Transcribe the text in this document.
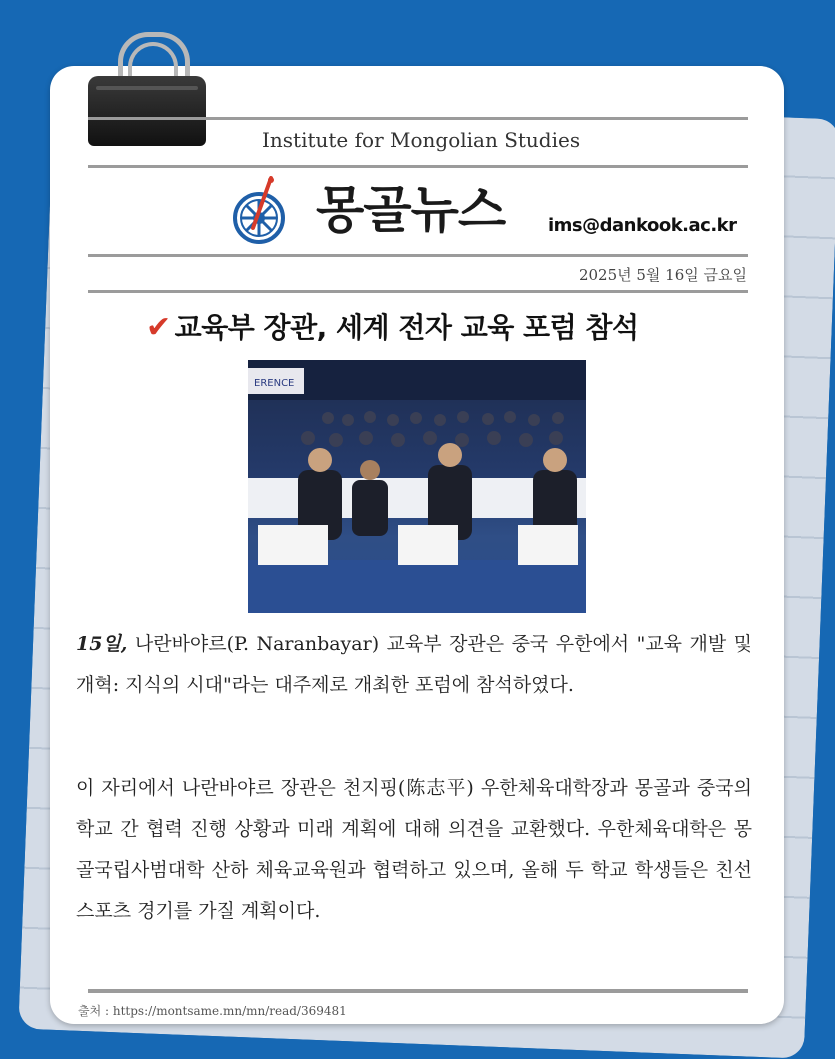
Institute for Mongolian Studies
몽골뉴스 ims@dankook.ac.kr
2025년 5월 16일 금요일
✔ 교육부 장관, 세계 전자 교육 포럼 참석
ERENCE
15일, 나란바야르(P. Naranbayar) 교육부 장관은 중국 우한에서 "교육 개발 및 개혁: 지식의 시대"라는 대주제로 개최한 포럼에 참석하였다.
이 자리에서 나란바야르 장관은 천지핑(陈志平) 우한체육대학장과 몽골과 중국의 학교 간 협력 진행 상황과 미래 계획에 대해 의견을 교환했다. 우한체육대학은 몽골국립사범대학 산하 체육교육원과 협력하고 있으며, 올해 두 학교 학생들은 친선 스포츠 경기를 가질 계획이다.
출처 : https://montsame.mn/mn/read/369481
